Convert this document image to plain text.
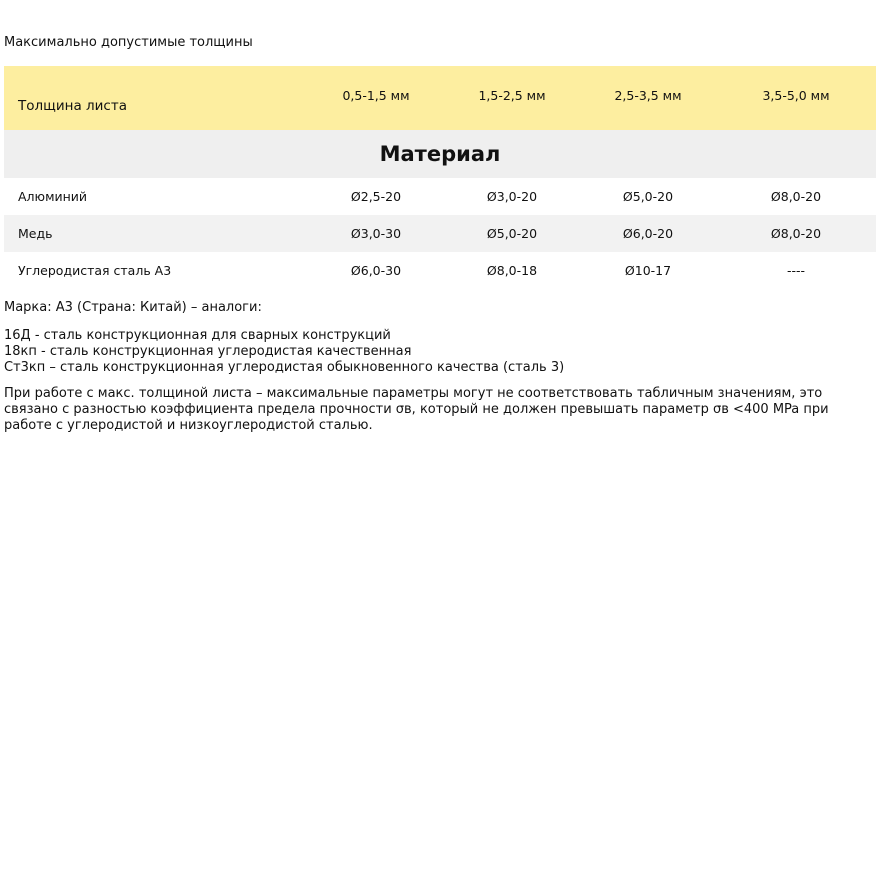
Максимально допустимые толщины
Толщина листа	0,5-1,5 мм	1,5-2,5 мм	2,5-3,5 мм	3,5-5,0 мм
Материал				
Алюминий	Ø2,5-20	Ø3,0-20	Ø5,0-20	Ø8,0-20
Медь	Ø3,0-30	Ø5,0-20	Ø6,0-20	Ø8,0-20
Углеродистая сталь А3	Ø6,0-30	Ø8,0-18	Ø10-17	----

Марка: А3 (Страна: Китай) – аналоги:

16Д - сталь конструкционная для сварных конструкций
18кп - сталь конструкционная углеродистая качественная
Ст3кп – сталь конструкционная углеродистая обыкновенного качества (сталь 3)

При работе с макс. толщиной листа – максимальные параметры могут не соответствовать табличным значениям, это связано с разностью коэффициента предела прочности σв, который не должен превышать параметр σв <400 MPa при работе с углеродистой и низкоуглеродистой сталью.
